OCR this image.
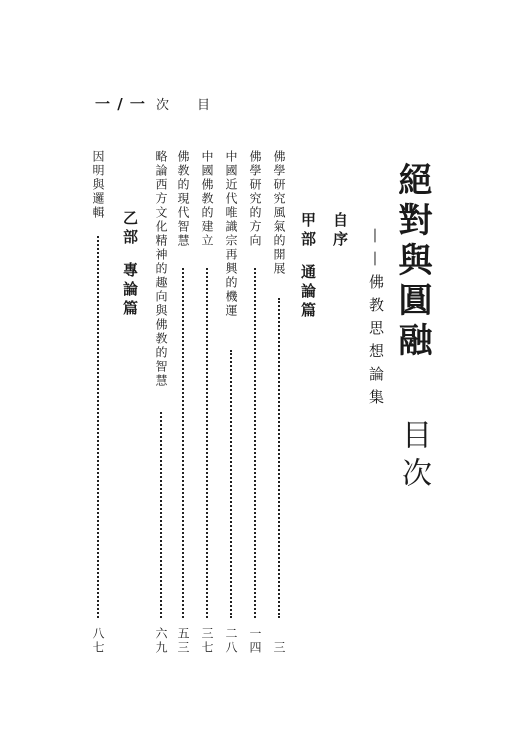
一 / 一 次 目
絕對與圓融
目次
——佛教思想論集
自序
甲部
通論篇
佛學研究風氣的開展
三
佛學研究的方向
一四
中國近代唯識宗再興的機運
二八
中國佛教的建立
三七
佛教的現代智慧
五三
略論西方文化精神的趣向與佛教的智慧
六九
乙部
專論篇
因明與邏輯
八七
